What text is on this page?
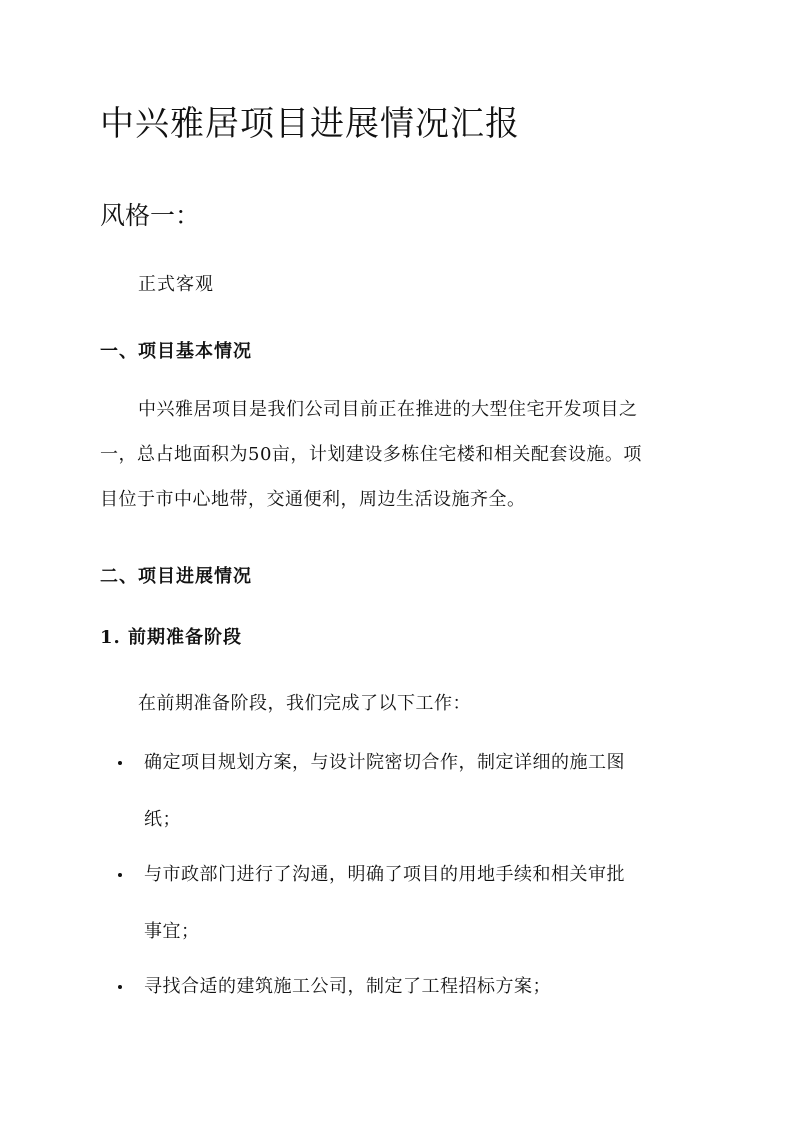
中兴雅居项目进展情况汇报
风格一：

正式客观

一、项目基本情况
中兴雅居项目是我们公司目前正在推进的大型住宅开发项目之
一，总占地面积为50亩，计划建设多栋住宅楼和相关配套设施。项
目位于市中心地带，交通便利，周边生活设施齐全。
二、项目进展情况
1. 前期准备阶段

在前期准备阶段，我们完成了以下工作：

确定项目规划方案，与设计院密切合作，制定详细的施工图
纸；
与市政部门进行了沟通，明确了项目的用地手续和相关审批
事宜；
寻找合适的建筑施工公司，制定了工程招标方案；
